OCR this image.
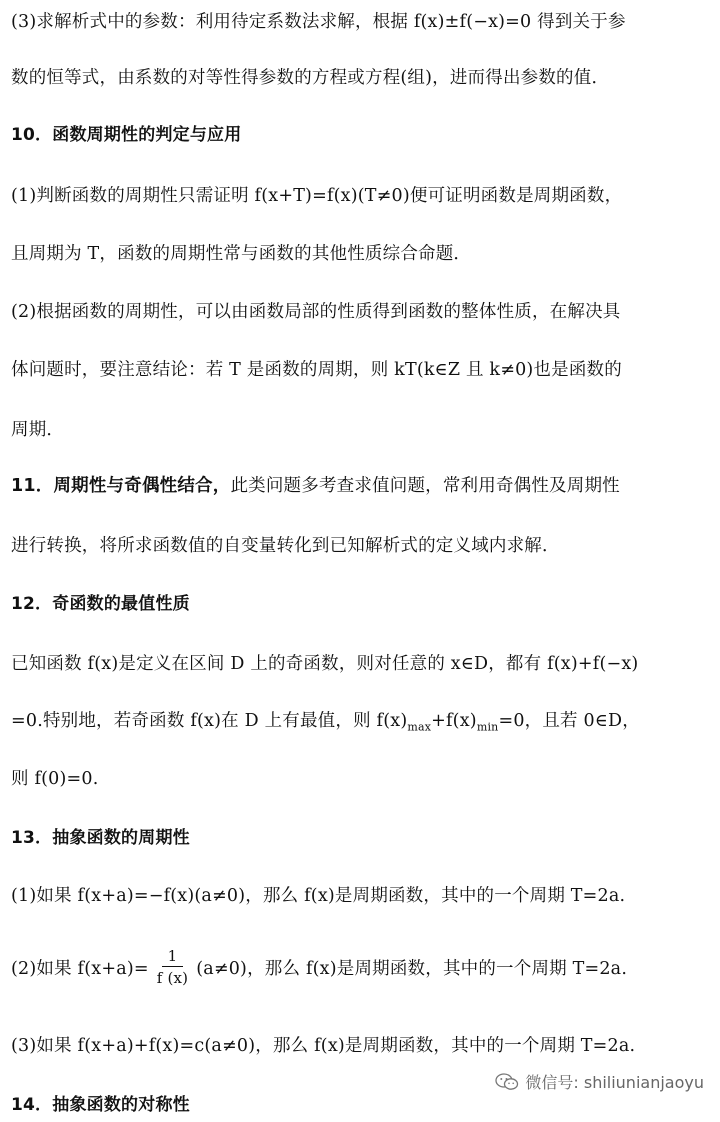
(3)求解析式中的参数：利用待定系数法求解，根据 f(x)±f(−x)=0 得到关于参
数的恒等式，由系数的对等性得参数的方程或方程(组)，进而得出参数的值．
10．函数周期性的判定与应用
(1)判断函数的周期性只需证明 f(x+T)=f(x)(T≠0)便可证明函数是周期函数，
且周期为 T，函数的周期性常与函数的其他性质综合命题．
(2)根据函数的周期性，可以由函数局部的性质得到函数的整体性质，在解决具
体问题时，要注意结论：若 T 是函数的周期，则 kT(k∈Z 且 k≠0)也是函数的
周期．
11．周期性与奇偶性结合，此类问题多考查求值问题，常利用奇偶性及周期性
进行转换，将所求函数值的自变量转化到已知解析式的定义域内求解．
12．奇函数的最值性质
已知函数 f(x)是定义在区间 D 上的奇函数，则对任意的 x∈D，都有 f(x)+f(−x)
=0.特别地，若奇函数 f(x)在 D 上有最值，则 $f(x)_{max}+f(x)_{min}=0$，且若 0∈D，
则 f(0)=0.
13．抽象函数的周期性
(1)如果 f(x+a)=−f(x)(a≠0)，那么 f(x)是周期函数，其中的一个周期 T=2a.
(2)如果 $f(x+a)= \frac{1}{f (x)} (a\ne 0)$，那么 f(x)是周期函数，其中的一个周期 T=2a.
(3)如果 f(x+a)+f(x)=c(a≠0)，那么 f(x)是周期函数，其中的一个周期 T=2a.
14．抽象函数的对称性
微信号: shiliunianjaoyu
